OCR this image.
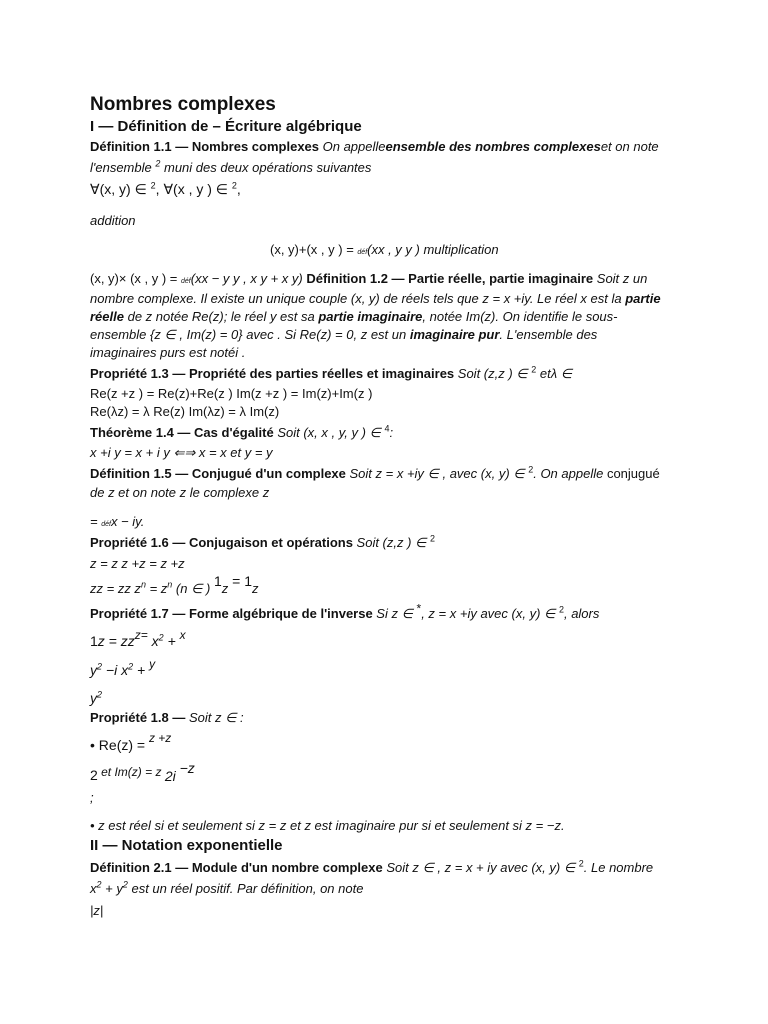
Nombres complexes
I — Définition de – Écriture algébrique
Définition 1.1 — Nombres complexes On appelleensemble des nombres complexeset on note
l'ensemble $^2$ muni des deux opérations suivantes
∀(x, y) ∈ $^2$, ∀(x , y ) ∈ $^2$,
addition
(x, y)+(x , y ) = déf(xx , y y ) multiplication
(x, y)× (x , y ) = déf(xx − y y , x y + x y) Définition 1.2 — Partie réelle, partie imaginaire Soit z un
nombre complexe. Il existe un unique couple (x, y) de réels tels que z = x +iy. Le réel x est la partie
réelle de z notée Re(z); le réel y est sa partie imaginaire, notée Im(z). On identifie le sous-
ensemble {z ∈ , Im(z) = 0} avec . Si Re(z) = 0, z est un imaginaire pur. L'ensemble des
imaginaires purs est notéi .
Propriété 1.3 — Propriété des parties réelles et imaginaires Soit (z,z ) ∈ $^2$ etλ ∈
Re(z +z ) = Re(z)+Re(z ) Im(z +z ) = Im(z)+Im(z )
Re(λz) = λ Re(z) Im(λz) = λ Im(z)
Théorème 1.4 — Cas d'égalité Soit (x, x , y, y ) ∈ $^4$:
x +i y = x + i y ⇐⇒ x = x et y = y
Définition 1.5 — Conjugué d'un complexe Soit z = x +iy ∈ , avec (x, y) ∈ $^2$. On appelle conjugué
de z et on note z le complexe z
= défx − iy.
Propriété 1.6 — Conjugaison et opérations Soit (z,z ) ∈ $^2$
z = z z +z = z +z
zz = zz $z^n = z^n$ (n ∈ ) 1z = 1z
Propriété 1.7 — Forme algébrique de l'inverse Si z ∈ *, z = x +iy avec (x, y) ∈ $^2$, alors
$1z = zzz= x^2 + x$
$y^2 -i$ $x^2 + y$
$y^2$
Propriété 1.8 — Soit z ∈ :
• Re(z) = z +z
2 et Im(z) = z 2i −z
;
• z est réel si et seulement si z = z et z est imaginaire pur si et seulement si z = −z.
II — Notation exponentielle
Définition 2.1 — Module d'un nombre complexe Soit z ∈ , z = x + iy avec (x, y) ∈ $^2$. Le nombre
$x^2 + y^2$ est un réel positif. Par définition, on note
|z|
